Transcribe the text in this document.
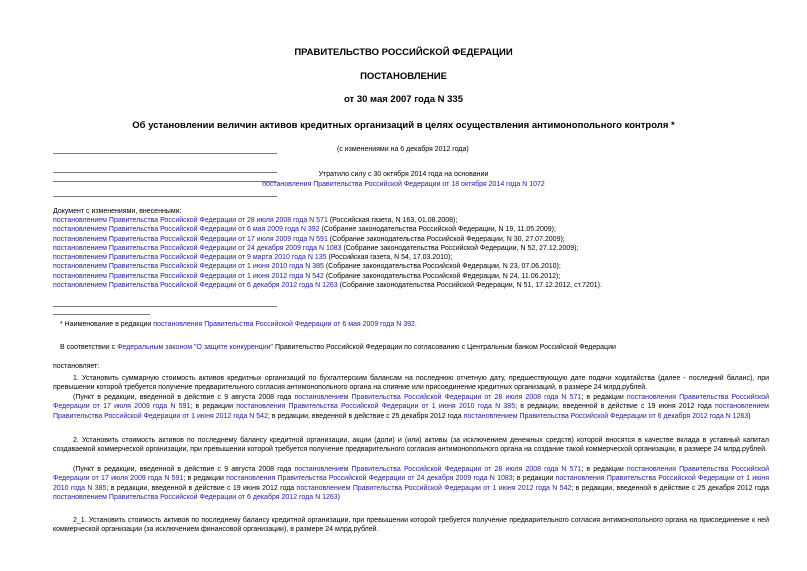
ПРАВИТЕЛЬСТВО РОССИЙСКОЙ ФЕДЕРАЦИИ
ПОСТАНОВЛЕНИЕ
от 30 мая 2007 года N 335
Об установлении величин активов кредитных организаций в целях осуществления антимонопольного контроля *
(с изменениями на 6 декабря 2012 года)
Утратило силу с 30 октября 2014 года на основании
постановления Правительства Российской Федерации от 18 октября 2014 года N 1072
Документ с изменениями, внесенными:
постановлением Правительства Российской Федерации от 28 июля 2008 года N 571 (Российская газета, N 163, 01.08.2008);
постановлением Правительства Российской Федерации от 6 мая 2009 года N 392 (Собрание законодательства Российской Федерации, N 19, 11.05.2009);
постановлением Правительства Российской Федерации от 17 июля 2009 года N 591 (Собрание законодательства Российской Федерации, N 30, 27.07.2009);
постановлением Правительства Российской Федерации от 24 декабря 2009 года N 1083 (Собрание законодательства Российской Федерации, N 52, 27.12.2009);
постановлением Правительства Российской Федерации от 9 марта 2010 года N 135 (Российская газета, N 54, 17.03.2010);
постановлением Правительства Российской Федерации от 1 июня 2010 года N 385 (Собрание законодательства Российской Федерации, N 23, 07.06.2010);
постановлением Правительства Российской Федерации от 1 июня 2012 года N 542 (Собрание законодательства Российской Федерации, N 24, 11.06.2012);
постановлением Правительства Российской Федерации от 6 декабря 2012 года N 1263 (Собрание законодательства Российской Федерации, N 51, 17.12.2012, ст.7201).
* Наименование в редакции постановления Правительства Российской Федерации от 6 мая 2009 года N 392.
В соответствии с Федеральным законом "О защите конкуренции" Правительство Российской Федерации по согласованию с Центральным банком Российской Федерации
постановляет:
1. Установить суммарную стоимость активов кредитных организаций по бухгалтерским балансам на последнюю отчетную дату, предшествующую дате подачи ходатайства (далее - последний баланс), при превышении которой требуется получение предварительного согласия антимонопольного органа на слияние или присоединение кредитных организаций, в размере 24 млрд.рублей.
(Пункт в редакции, введенной в действие с 9 августа 2008 года постановлением Правительства Российской Федерации от 28 июля 2008 года N 571; в редакции постановления Правительства Российской Федерации от 17 июля 2009 года N 591; в редакции постановления Правительства Российской Федерации от 1 июня 2010 года N 385; в редакции, введенной в действие с 19 июня 2012 года постановлением Правительства Российской Федерации от 1 июня 2012 года N 542; в редакции, введенной в действие с 25 декабря 2012 года постановлением Правительства Российской Федерации от 6 декабря 2012 года N 1263)
2. Установить стоимость активов по последнему балансу кредитной организации, акции (доли) и (или) активы (за исключением денежных средств) которой вносятся в качестве вклада в уставный капитал создаваемой коммерческой организации, при превышении которой требуется получение предварительного согласия антимонопольного органа на создание такой коммерческой организации, в размере 24 млрд.рублей.
(Пункт в редакции, введенной в действие с 9 августа 2008 года постановлением Правительства Российской Федерации от 28 июля 2008 года N 571; в редакции постановления Правительства Российской Федерации от 17 июля 2009 года N 591; в редакции постановления Правительства Российской Федерации от 24 декабря 2009 года N 1083; в редакции постановления Правительства Российской Федерации от 1 июня 2010 года N 385; в редакции, введенной в действие с 19 июня 2012 года постановлением Правительства Российской Федерации от 1 июня 2012 года N 542; в редакции, введенной в действие с 25 декабря 2012 года постановлением Правительства Российской Федерации от 6 декабря 2012 года N 1263)
2_1. Установить стоимость активов по последнему балансу кредитной организации, при превышении которой требуется получение предварительного согласия антимонопольного органа на присоединение к ней коммерческой организации (за исключением финансовой организации), в размере 24 млрд.рублей.
